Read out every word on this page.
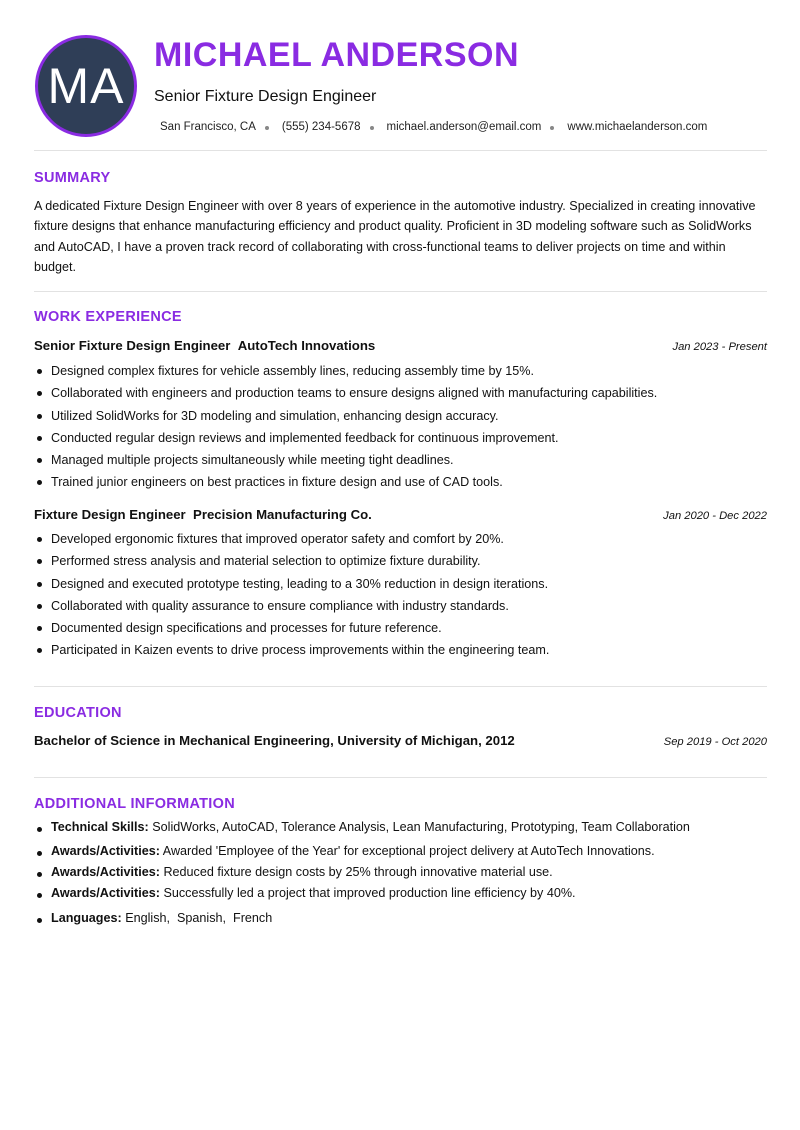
MA
MICHAEL ANDERSON
Senior Fixture Design Engineer
San Francisco, CA (555) 234-5678 michael.anderson@email.com www.michaelanderson.com
SUMMARY
A dedicated Fixture Design Engineer with over 8 years of experience in the automotive industry. Specialized in creating innovative fixture designs that enhance manufacturing efficiency and product quality. Proficient in 3D modeling software such as SolidWorks and AutoCAD, I have a proven track record of collaborating with cross-functional teams to deliver projects on time and within budget.
WORK EXPERIENCE
Senior Fixture Design Engineer AutoTech Innovations	Jan 2023 - Present
Designed complex fixtures for vehicle assembly lines, reducing assembly time by 15%.
Collaborated with engineers and production teams to ensure designs aligned with manufacturing capabilities.
Utilized SolidWorks for 3D modeling and simulation, enhancing design accuracy.
Conducted regular design reviews and implemented feedback for continuous improvement.
Managed multiple projects simultaneously while meeting tight deadlines.
Trained junior engineers on best practices in fixture design and use of CAD tools.
Fixture Design Engineer Precision Manufacturing Co.	Jan 2020 - Dec 2022
Developed ergonomic fixtures that improved operator safety and comfort by 20%.
Performed stress analysis and material selection to optimize fixture durability.
Designed and executed prototype testing, leading to a 30% reduction in design iterations.
Collaborated with quality assurance to ensure compliance with industry standards.
Documented design specifications and processes for future reference.
Participated in Kaizen events to drive process improvements within the engineering team.
EDUCATION
Bachelor of Science in Mechanical Engineering, University of Michigan, 2012	Sep 2019 - Oct 2020
ADDITIONAL INFORMATION
Technical Skills: SolidWorks, AutoCAD, Tolerance Analysis, Lean Manufacturing, Prototyping, Team Collaboration
Awards/Activities: Awarded 'Employee of the Year' for exceptional project delivery at AutoTech Innovations.
Awards/Activities: Reduced fixture design costs by 25% through innovative material use.
Awards/Activities: Successfully led a project that improved production line efficiency by 40%.
Languages: English,  Spanish,  French
